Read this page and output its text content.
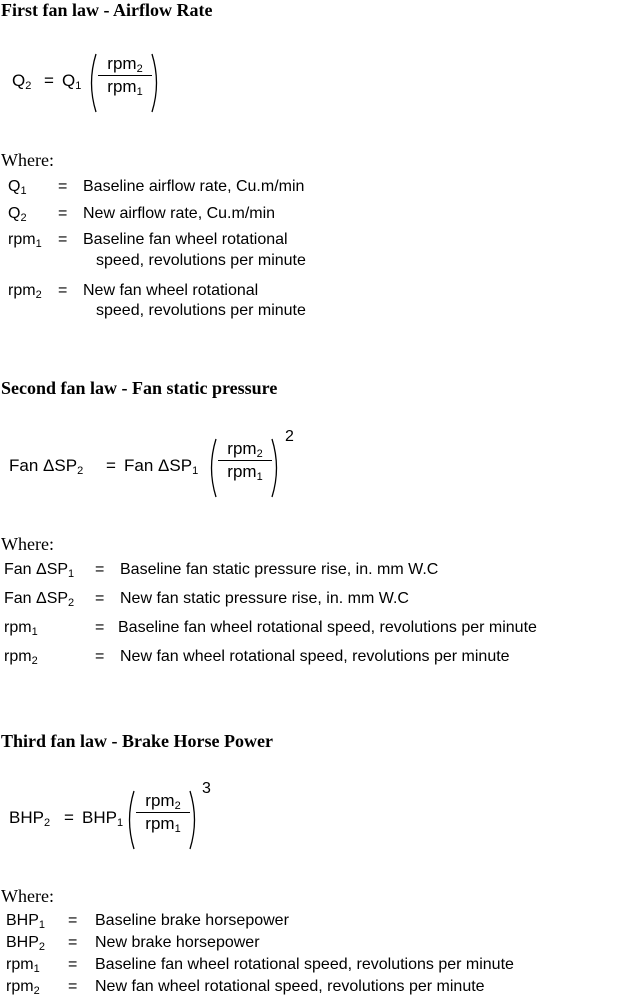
First fan law - Airflow Rate
$Q_2 = Q_1$
rpm$_2$
rpm$_1$
Where:
$Q_1$ = Baseline airflow rate, Cu.m/min
$Q_2$ = New airflow rate, Cu.m/min
rpm$_1$ = Baseline fan wheel rotational
speed, revolutions per minute
rpm$_2$ = New fan wheel rotational
speed, revolutions per minute
Second fan law - Fan static pressure
Fan $\Delta SP_2$ = Fan $\Delta SP_1$
rpm$_2$
rpm$_1$
2
Where:
Fan $\Delta SP_1$ = Baseline fan static pressure rise, in. mm W.C
Fan $\Delta SP_2$ = New fan static pressure rise, in. mm W.C
rpm$_1$	= Baseline fan wheel rotational speed, revolutions per minute
rpm$_2$	= New fan wheel rotational speed, revolutions per minute
Third fan law - Brake Horse Power
$BHP_2 = BHP_1$
rpm$_2$
rpm$_1$
3
Where:
$BHP_1$ = Baseline brake horsepower
$BHP_2$ = New brake horsepower
rpm$_1$ = Baseline fan wheel rotational speed, revolutions per minute
rpm$_2$ = New fan wheel rotational speed, revolutions per minute
